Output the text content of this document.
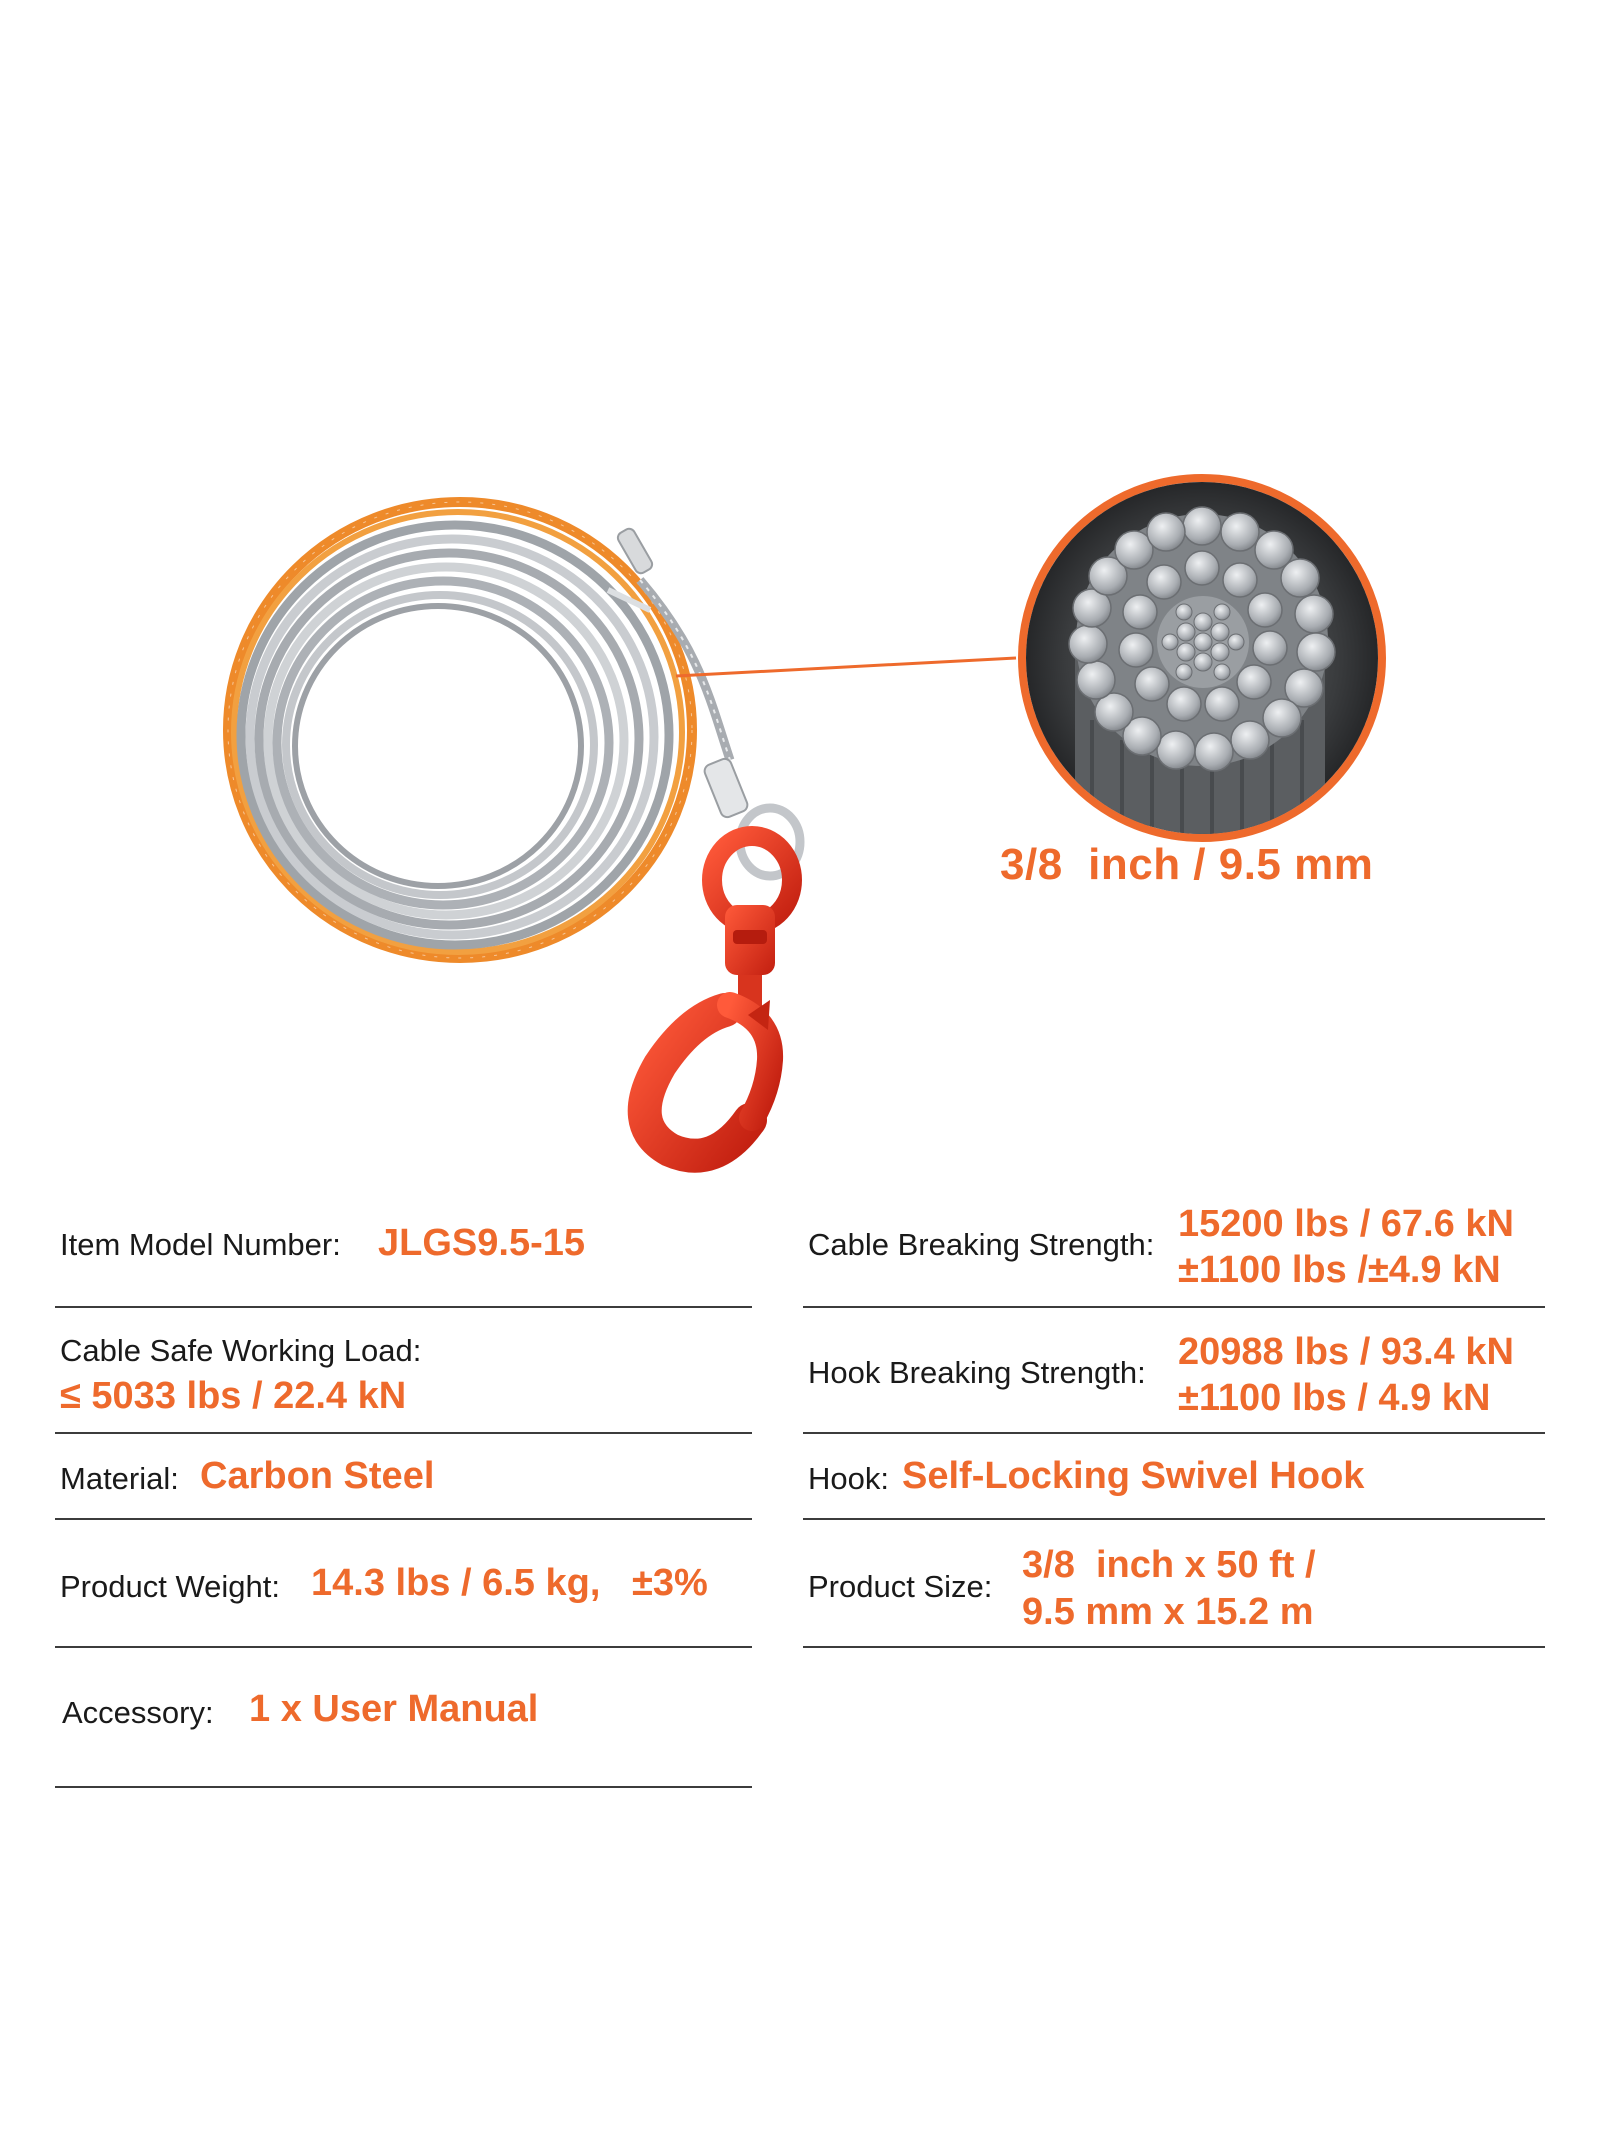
3/8  inch / 9.5 mm
Item Model Number: JLGS9.5-15
Cable Safe Working Load:
≤ 5033 lbs / 22.4 kN
Material: Carbon Steel
Product Weight: 14.3 lbs / 6.5 kg,   ±3%
Accessory: 1 x User Manual
Cable Breaking Strength: 15200 lbs / 67.6 kN
±1100 lbs /±4.9 kN
Hook Breaking Strength: 20988 lbs / 93.4 kN
±1100 lbs / 4.9 kN
Hook: Self-Locking Swivel Hook
Product Size:
3/8  inch x 50 ft /
9.5 mm x 15.2 m
